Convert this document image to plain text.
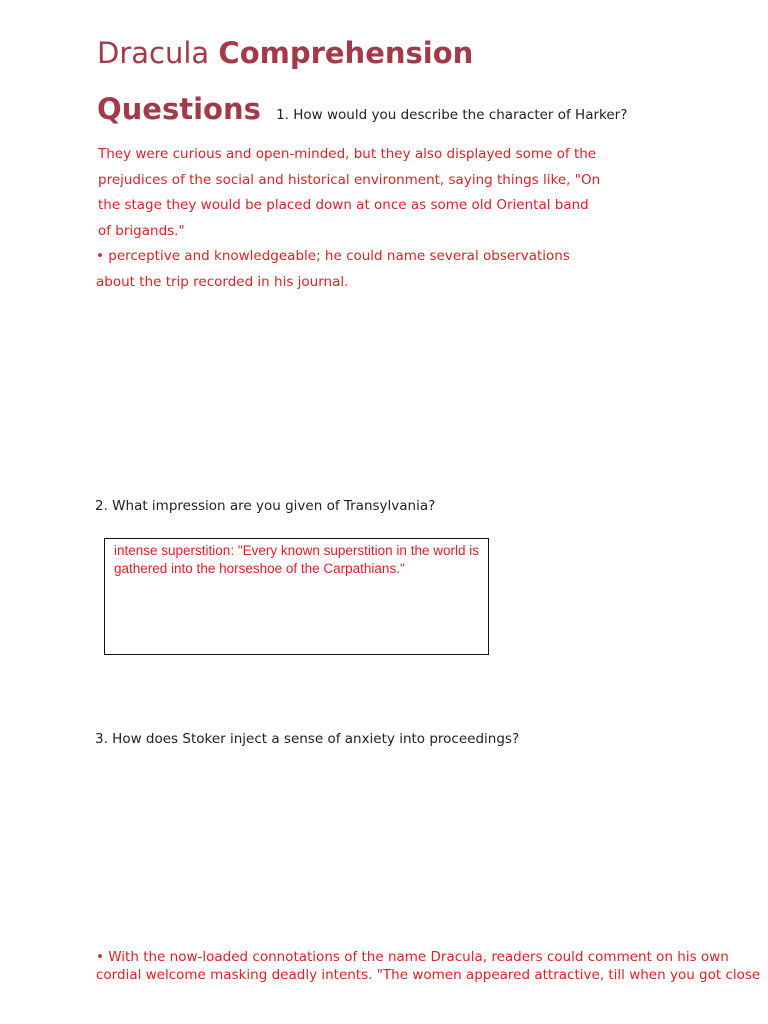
Dracula Comprehension
Questions 1. How would you describe the character of Harker?

They were curious and open-minded, but they also displayed some of the prejudices of the social and historical environment, saying things like, "On the stage they would be placed down at once as some old Oriental band of brigands."

• perceptive and knowledgeable; he could name several observations about the trip recorded in his journal.

2. What impression are you given of Transylvania?
intense superstition: "Every known superstition in the world is gathered into the horseshoe of the Carpathians."
3. How does Stoker inject a sense of anxiety into proceedings?
• With the now-loaded connotations of the name Dracula, readers could comment on his own
cordial welcome masking deadly intents. "The women appeared attractive, till when you got close
